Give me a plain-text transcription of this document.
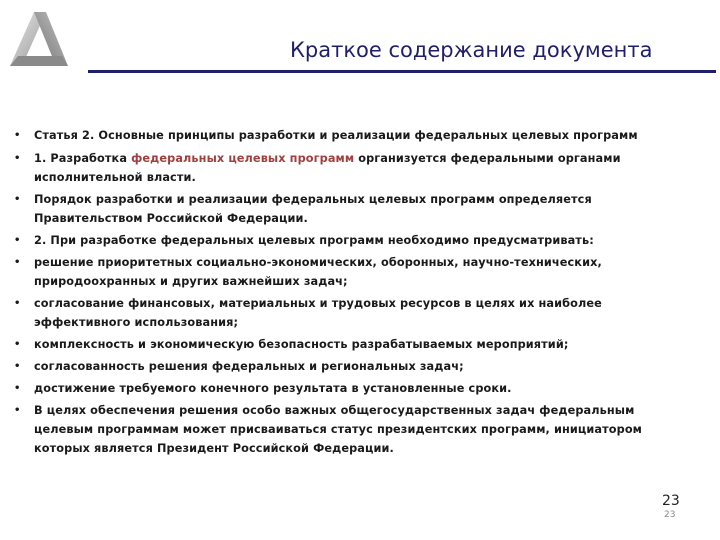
Краткое содержание документа
• Статья 2. Основные принципы разработки и реализации федеральных целевых программ
• 1. Разработка федеральных целевых программ организуется федеральными органами исполнительной власти.
• Порядок разработки и реализации федеральных целевых программ определяется Правительством Российской Федерации.
• 2. При разработке федеральных целевых программ необходимо предусматривать:
• решение приоритетных социально-экономических, оборонных, научно-технических, природоохранных и других важнейших задач;
• согласование финансовых, материальных и трудовых ресурсов в целях их наиболее эффективного использования;
• комплексность и экономическую безопасность разрабатываемых мероприятий;
• согласованность решения федеральных и региональных задач;
• достижение требуемого конечного результата в установленные сроки.
• В целях обеспечения решения особо важных общегосударственных задач федеральным целевым программам может присваиваться статус президентских программ, инициатором которых является Президент Российской Федерации.
23
23
